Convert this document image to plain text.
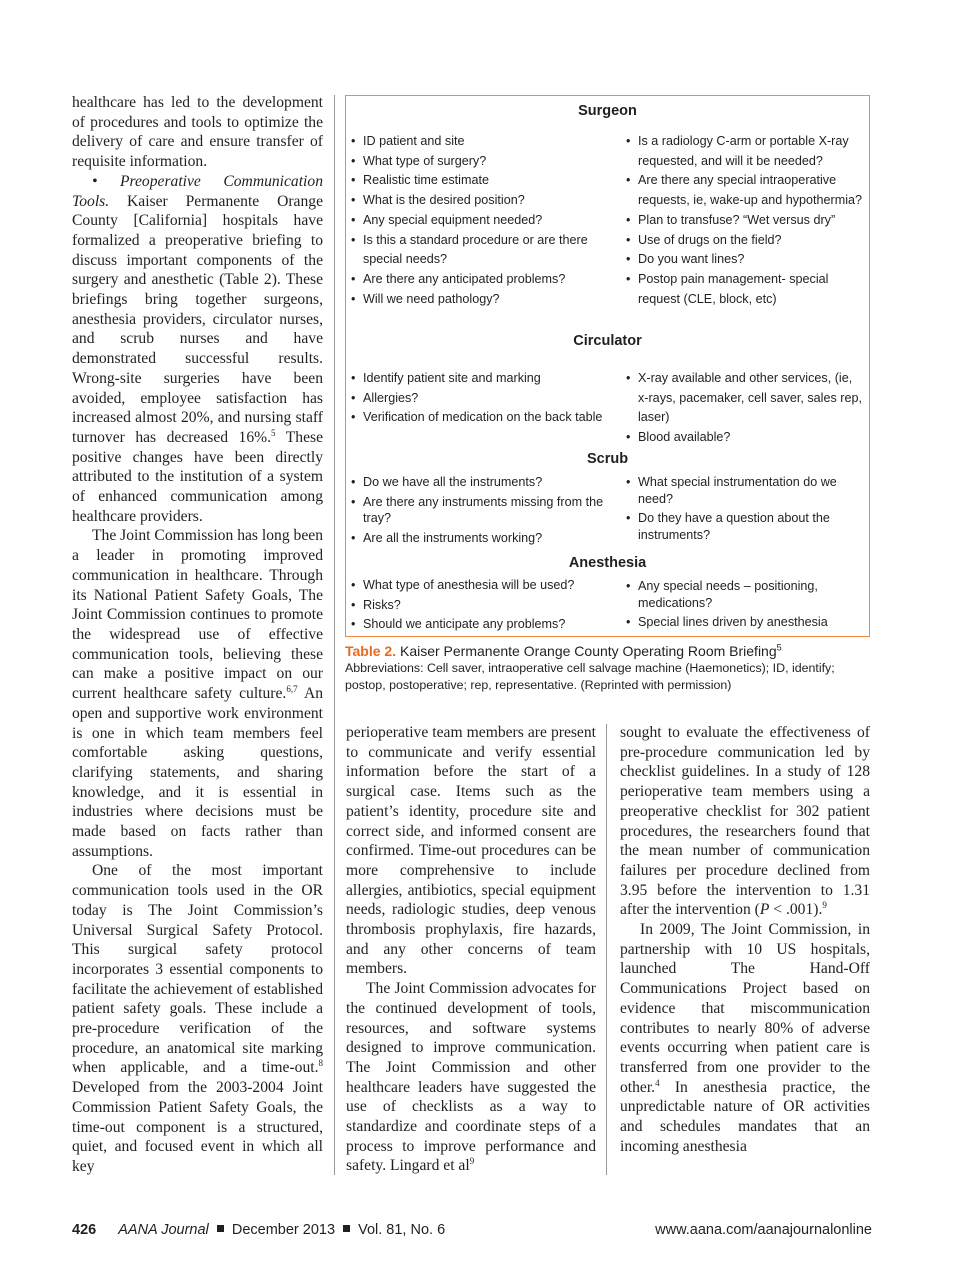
healthcare has led to the development of procedures and tools to optimize the delivery of care and ensure transfer of requisite information.

• Preoperative Communication Tools. Kaiser Permanente Orange County [California] hospitals have formalized a preoperative briefing to discuss important components of the surgery and anesthetic (Table 2). These briefings bring together surgeons, anesthesia providers, circulator nurses, and scrub nurses and have demonstrated successful results. Wrong-site surgeries have been avoided, employee satisfaction has increased almost 20%, and nursing staff turnover has decreased 16%.$^5$ These positive changes have been directly attributed to the institution of a system of enhanced communication among healthcare providers.

The Joint Commission has long been a leader in promoting improved communication in healthcare. Through its National Patient Safety Goals, The Joint Commission continues to promote the widespread use of effective communication tools, believing these can make a positive impact on our current healthcare safety culture.$^{6,7}$ An open and supportive work environment is one in which team members feel comfortable asking questions, clarifying statements, and sharing knowledge, and it is essential in industries where decisions must be made based on facts rather than assumptions.

One of the most important communication tools used in the OR today is The Joint Commission’s Universal Surgical Safety Protocol. This surgical safety protocol incorporates 3 essential components to facilitate the achievement of established patient safety goals. These include a pre-procedure verification of the procedure, an anatomical site marking when applicable, and a time-out.$^8$ Developed from the 2003-2004 Joint Commission Patient Safety Goals, the time-out component is a structured, quiet, and focused event in which all key

Surgeon
• ID patient and site
• What type of surgery?
• Realistic time estimate
• What is the desired position?
• Any special equipment needed?
• Is this a standard procedure or are there special needs?
• Are there any anticipated problems?
• Will we need pathology?
• Is a radiology C-arm or portable X-ray requested, and will it be needed?
• Are there any special intraoperative requests, ie, wake-up and hypothermia?
• Plan to transfuse? “Wet versus dry”
• Use of drugs on the field?
• Do you want lines?
• Postop pain management- special request (CLE, block, etc)
Circulator
• Identify patient site and marking
• Allergies?
• Verification of medication on the back table
• X-ray available and other services, (ie, x-rays, pacemaker, cell saver, sales rep, laser)
• Blood available?
Scrub
• Do we have all the instruments?
• Are there any instruments missing from the tray?
• Are all the instruments working?
• What special instrumentation do we need?
• Do they have a question about the instruments?
Anesthesia
• What type of anesthesia will be used?
• Risks?
• Should we anticipate any problems?
• Any special needs – positioning, medications?
• Special lines driven by anesthesia
Table 2. Kaiser Permanente Orange County Operating Room Briefing$^5$
Abbreviations: Cell saver, intraoperative cell salvage machine (Haemonetics); ID, identify; postop, postoperative; rep, representative. (Reprinted with permission)

perioperative team members are present to communicate and verify essential information before the start of a surgical case. Items such as the patient’s identity, procedure site and correct side, and informed consent are confirmed. Time-out procedures can be more comprehensive to include allergies, antibiotics, special equipment needs, radiologic studies, deep venous thrombosis prophylaxis, fire hazards, and any other concerns of team members.

The Joint Commission advocates for the continued development of tools, resources, and software systems designed to improve communication. The Joint Commission and other healthcare leaders have suggested the use of checklists as a way to standardize and coordinate steps of a process to improve performance and safety. Lingard et $al^9$

sought to evaluate the effectiveness of pre-procedure communication led by checklist guidelines. In a study of 128 perioperative team members using a preoperative checklist for 302 patient procedures, the researchers found that the mean number of communication failures per procedure declined from 3.95 before the intervention to 1.31 after the intervention (P < .001).$^9$

In 2009, The Joint Commission, in partnership with 10 US hospitals, launched The Hand-Off Communications Project based on evidence that miscommunication contributes to nearly 80% of adverse events occurring when patient care is transferred from one provider to the other.$^4$ In anesthesia practice, the unpredictable nature of OR activities and schedules mandates that an incoming anesthesia

426 AANA Journal December 2013 Vol. 81, No. 6	www.aana.com/aanajournalonline
